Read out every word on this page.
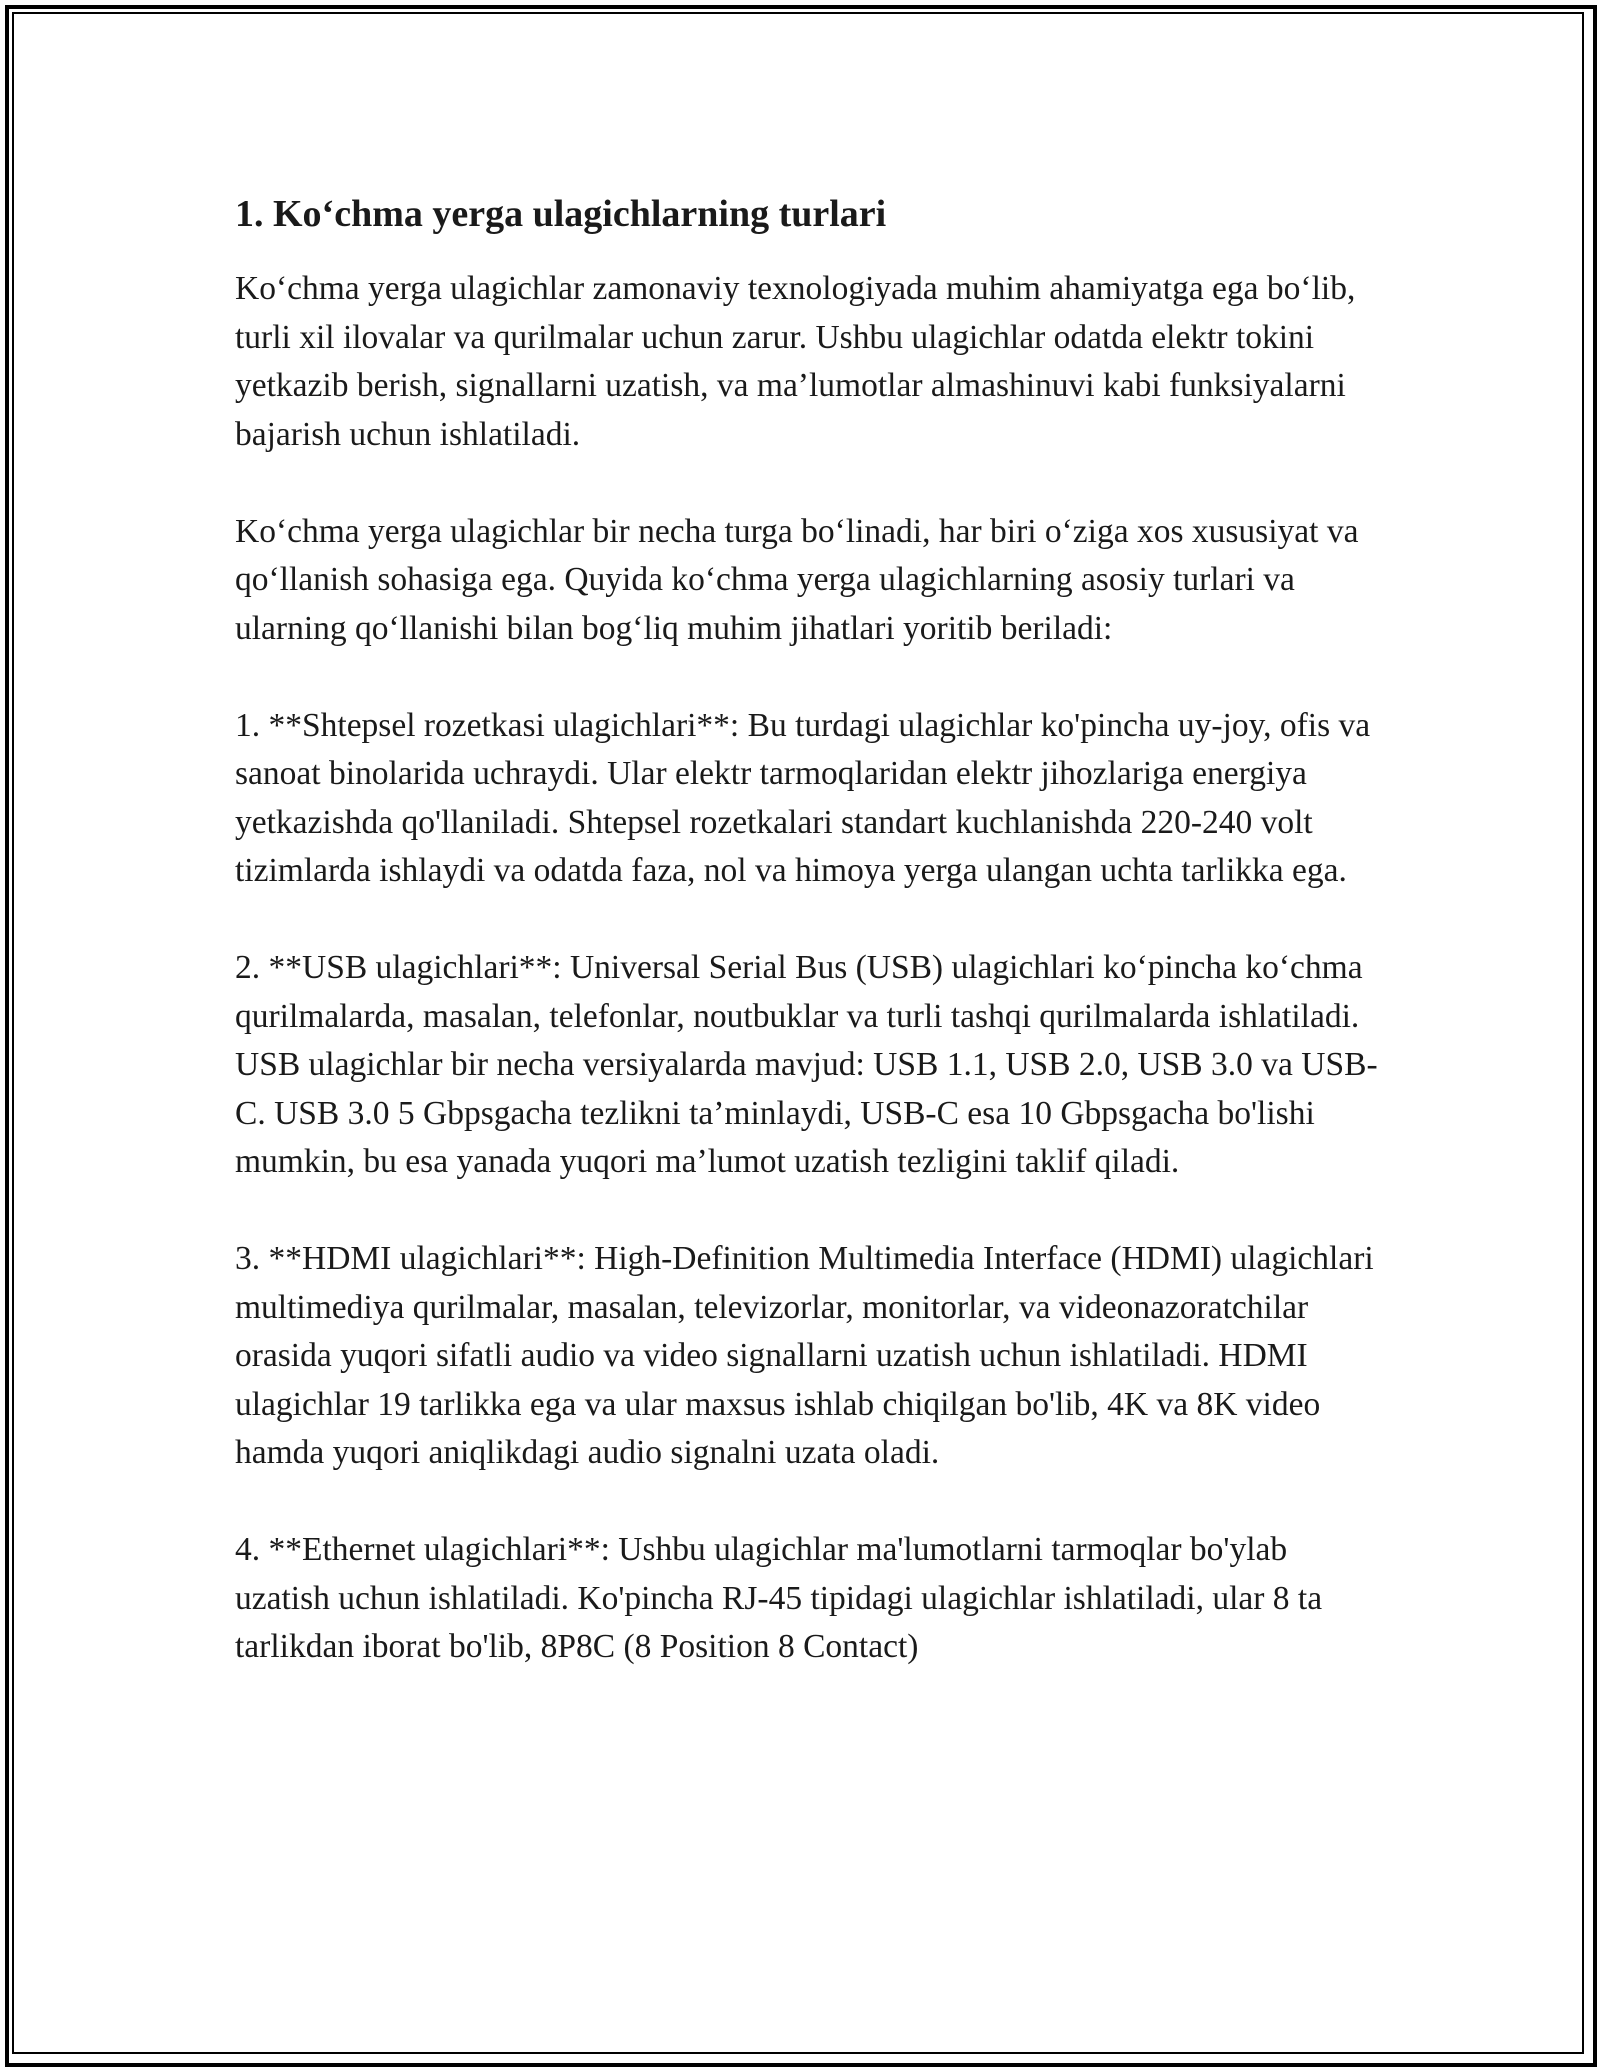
1. Ko‘chma yerga ulagichlarning turlari

Ko‘chma yerga ulagichlar zamonaviy texnologiyada muhim ahamiyatga ega bo‘lib, turli xil ilovalar va qurilmalar uchun zarur. Ushbu ulagichlar odatda elektr tokini yetkazib berish, signallarni uzatish, va ma’lumotlar almashinuvi kabi funksiyalarni bajarish uchun ishlatiladi.

Ko‘chma yerga ulagichlar bir necha turga bo‘linadi, har biri o‘ziga xos xususiyat va qo‘llanish sohasiga ega. Quyida ko‘chma yerga ulagichlarning asosiy turlari va ularning qo‘llanishi bilan bog‘liq muhim jihatlari yoritib beriladi:

1. **Shtepsel rozetkasi ulagichlari**: Bu turdagi ulagichlar ko'pincha uy-joy, ofis va sanoat binolarida uchraydi. Ular elektr tarmoqlaridan elektr jihozlariga energiya yetkazishda qo'llaniladi. Shtepsel rozetkalari standart kuchlanishda 220-240 volt tizimlarda ishlaydi va odatda faza, nol va himoya yerga ulangan uchta tarlikka ega.

2. **USB ulagichlari**: Universal Serial Bus (USB) ulagichlari ko‘pincha ko‘chma qurilmalarda, masalan, telefonlar, noutbuklar va turli tashqi qurilmalarda ishlatiladi. USB ulagichlar bir necha versiyalarda mavjud: USB 1.1, USB 2.0, USB 3.0 va USB-C. USB 3.0 5 Gbpsgacha tezlikni ta’minlaydi, USB-C esa 10 Gbpsgacha bo'lishi mumkin, bu esa yanada yuqori ma’lumot uzatish tezligini taklif qiladi.

3. **HDMI ulagichlari**: High-Definition Multimedia Interface (HDMI) ulagichlari multimediya qurilmalar, masalan, televizorlar, monitorlar, va videonazoratchilar orasida yuqori sifatli audio va video signallarni uzatish uchun ishlatiladi. HDMI ulagichlar 19 tarlikka ega va ular maxsus ishlab chiqilgan bo'lib, 4K va 8K video hamda yuqori aniqlikdagi audio signalni uzata oladi.

4. **Ethernet ulagichlari**: Ushbu ulagichlar ma'lumotlarni tarmoqlar bo'ylab uzatish uchun ishlatiladi. Ko'pincha RJ-45 tipidagi ulagichlar ishlatiladi, ular 8 ta tarlikdan iborat bo'lib, 8P8C (8 Position 8 Contact)
